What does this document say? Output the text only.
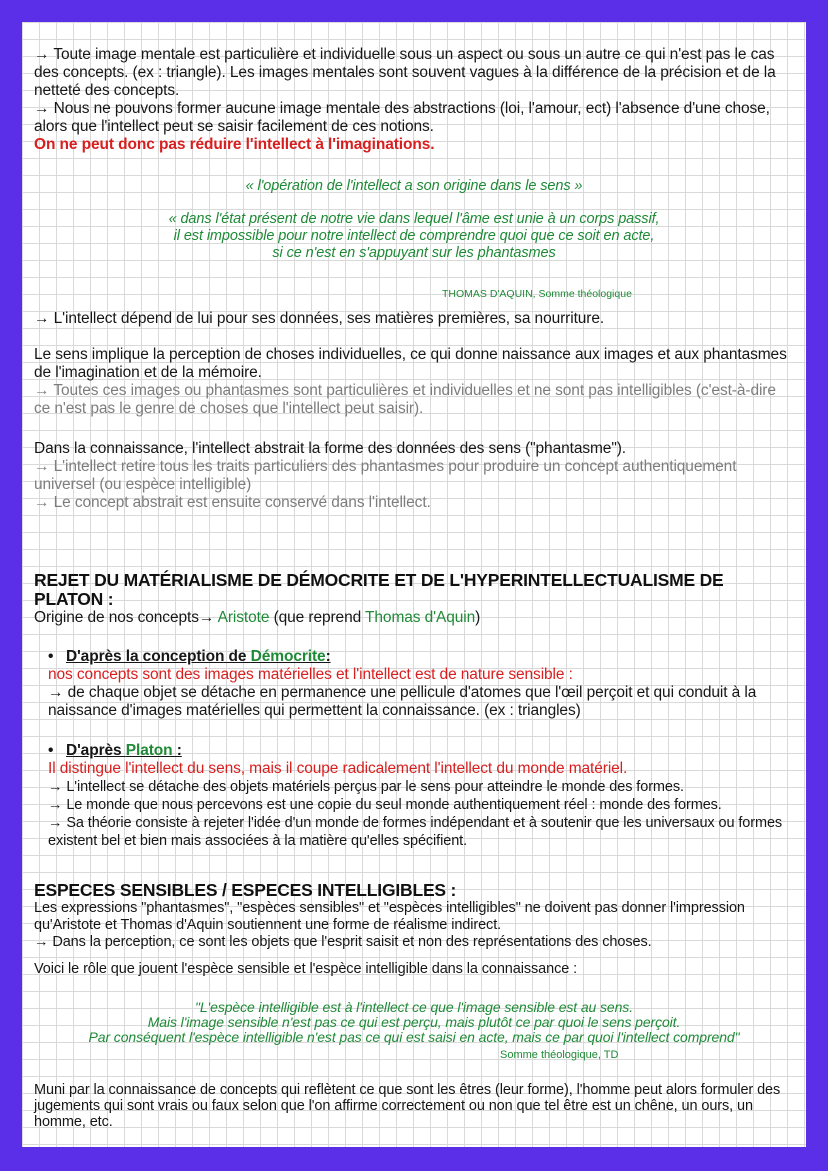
→ Toute image mentale est particulière et individuelle sous un aspect ou sous un autre ce qui n'est pas le cas des concepts. (ex : triangle). Les images mentales sont souvent vagues à la différence de la précision et de la netteté des concepts.

→ Nous ne pouvons former aucune image mentale des abstractions (loi, l'amour, ect) l'absence d'une chose, alors que l'intellect peut se saisir facilement de ces notions.

On ne peut donc pas réduire l'intellect à l'imaginations.

« l'opération de l'intellect a son origine dans le sens »

« dans l'état présent de notre vie dans lequel l'âme est unie à un corps passif,

il est impossible pour notre intellect de comprendre quoi que ce soit en acte,

si ce n'est en s'appuyant sur les phantasmes

THOMAS D'AQUIN, Somme théologique
→ L'intellect dépend de lui pour ses données, ses matières premières, sa nourriture.

Le sens implique la perception de choses individuelles, ce qui donne naissance aux images et aux phantasmes de l'imagination et de la mémoire.

→ Toutes ces images ou phantasmes sont particulières et individuelles et ne sont pas intelligibles (c'est-à-dire ce n'est pas le genre de choses que l'intellect peut saisir).

Dans la connaissance, l'intellect abstrait la forme des données des sens ("phantasme").

→ L'intellect retire tous les traits particuliers des phantasmes pour produire un concept authentiquement universel (ou espèce intelligible)

→ Le concept abstrait est ensuite conservé dans l'intellect.

REJET DU MATÉRIALISME DE DÉMOCRITE ET DE L'HYPERINTELLECTUALISME DE PLATON :

Origine de nos concepts→ Aristote (que reprend Thomas d'Aquin)

• D'après la conception de Démocrite:

nos concepts sont des images matérielles et l'intellect est de nature sensible :

→ de chaque objet se détache en permanence une pellicule d'atomes que l'œil perçoit et qui conduit à la naissance d'images matérielles qui permettent la connaissance. (ex : triangles)

• D'après Platon :

Il distingue l'intellect du sens, mais il coupe radicalement l'intellect du monde matériel.

→ L'intellect se détache des objets matériels perçus par le sens pour atteindre le monde des formes.

→ Le monde que nous percevons est une copie du seul monde authentiquement réel : monde des formes.

→ Sa théorie consiste à rejeter l'idée d'un monde de formes indépendant et à soutenir que les universaux ou formes existent bel et bien mais associées à la matière qu'elles spécifient.

ESPECES SENSIBLES / ESPECES INTELLIGIBLES :

Les expressions "phantasmes", "espèces sensibles" et "espèces intelligibles" ne doivent pas donner l'impression qu'Aristote et Thomas d'Aquin soutiennent une forme de réalisme indirect.

→ Dans la perception, ce sont les objets que l'esprit saisit et non des représentations des choses.

Voici le rôle que jouent l'espèce sensible et l'espèce intelligible dans la connaissance :

"L'espèce intelligible est à l'intellect ce que l'image sensible est au sens.

Mais l'image sensible n'est pas ce qui est perçu, mais plutôt ce par quoi le sens perçoit.

Par conséquent l'espèce intelligible n'est pas ce qui est saisi en acte, mais ce par quoi l'intellect comprend"

Somme théologique, TD
Muni par la connaissance de concepts qui reflètent ce que sont les êtres (leur forme), l'homme peut alors formuler des jugements qui sont vrais ou faux selon que l'on affirme correctement ou non que tel être est un chêne, un ours, un homme, etc.
